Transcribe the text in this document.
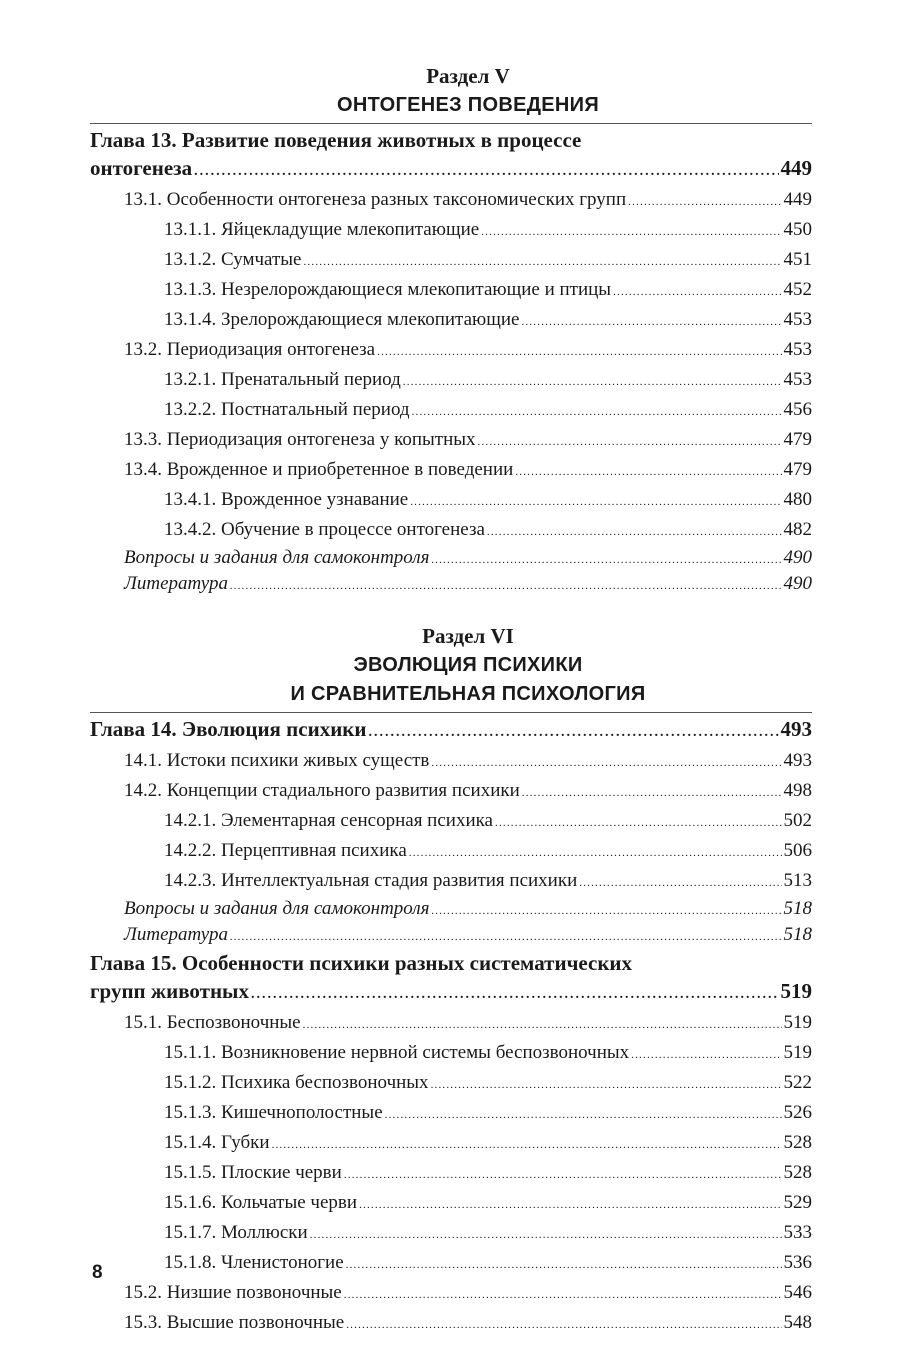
Раздел V
ОНТОГЕНЕЗ ПОВЕДЕНИЯ
Глава 13. Развитие поведения животных в процессе
онтогенеза .....	449
13.1. Особенности онтогенеза разных таксономических групп .....	449
13.1.1. Яйцекладущие млекопитающие .....	450
13.1.2. Сумчатые .....	451
13.1.3. Незрелорождающиеся млекопитающие и птицы .....	452
13.1.4. Зрелорождающиеся млекопитающие .....	453
13.2. Периодизация онтогенеза .....	453
13.2.1. Пренатальный период .....	453
13.2.2. Постнатальный период .....	456
13.3. Периодизация онтогенеза у копытных .....	479
13.4. Врожденное и приобретенное в поведении .....	479
13.4.1. Врожденное узнавание .....	480
13.4.2. Обучение в процессе онтогенеза .....	482
Вопросы и задания для самоконтроля .....	490
Литература .....	490
Раздел VI
ЭВОЛЮЦИЯ ПСИХИКИ
И СРАВНИТЕЛЬНАЯ ПСИХОЛОГИЯ
Глава 14. Эволюция психики .....	493
14.1. Истоки психики живых существ .....	493
14.2. Концепции стадиального развития психики .....	498
14.2.1. Элементарная сенсорная психика .....	502
14.2.2. Перцептивная психика .....	506
14.2.3. Интеллектуальная стадия развития психики .....	513
Вопросы и задания для самоконтроля .....	518
Литература .....	518
Глава 15. Особенности психики разных систематических
групп животных .....	519
15.1. Беспозвоночные .....	519
15.1.1. Возникновение нервной системы беспозвоночных .....	519
15.1.2. Психика беспозвоночных .....	522
15.1.3. Кишечнополостные .....	526
15.1.4. Губки .....	528
15.1.5. Плоские черви .....	528
15.1.6. Кольчатые черви .....	529
15.1.7. Моллюски .....	533
15.1.8. Членистоногие .....	536
15.2. Низшие позвоночные .....	546
15.3. Высшие позвоночные .....	548
8
